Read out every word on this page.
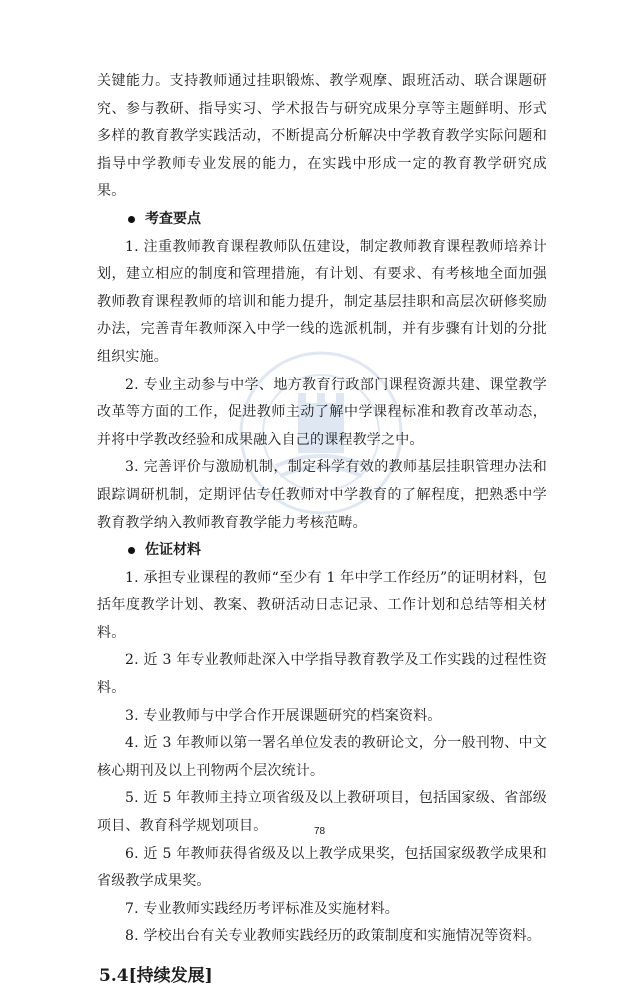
关键能力。支持教师通过挂职锻炼、教学观摩、跟班活动、联合课题研究、参与教研、指导实习、学术报告与研究成果分享等主题鲜明、形式多样的教育教学实践活动，不断提高分析解决中学教育教学实际问题和指导中学教师专业发展的能力，在实践中形成一定的教育教学研究成果。

考查要点

1. 注重教师教育课程教师队伍建设，制定教师教育课程教师培养计划，建立相应的制度和管理措施，有计划、有要求、有考核地全面加强教师教育课程教师的培训和能力提升，制定基层挂职和高层次研修奖励办法，完善青年教师深入中学一线的选派机制，并有步骤有计划的分批组织实施。

2. 专业主动参与中学、地方教育行政部门课程资源共建、课堂教学改革等方面的工作，促进教师主动了解中学课程标准和教育改革动态，并将中学教改经验和成果融入自己的课程教学之中。

3. 完善评价与激励机制，制定科学有效的教师基层挂职管理办法和跟踪调研机制，定期评估专任教师对中学教育的了解程度，把熟悉中学教育教学纳入教师教育教学能力考核范畴。

佐证材料

1. 承担专业课程的教师“至少有 1 年中学工作经历”的证明材料，包括年度教学计划、教案、教研活动日志记录、工作计划和总结等相关材料。

2. 近 3 年专业教师赴深入中学指导教育教学及工作实践的过程性资料。

3. 专业教师与中学合作开展课题研究的档案资料。

4. 近 3 年教师以第一署名单位发表的教研论文，分一般刊物、中文核心期刊及以上刊物两个层次统计。

5. 近 5 年教师主持立项省级及以上教研项目，包括国家级、省部级项目、教育科学规划项目。

6. 近 5 年教师获得省级及以上教学成果奖，包括国家级教学成果和省级教学成果奖。

7. 专业教师实践经历考评标准及实施材料。

8. 学校出台有关专业教师实践经历的政策制度和实施情况等资料。

5.4[持续发展]

78
